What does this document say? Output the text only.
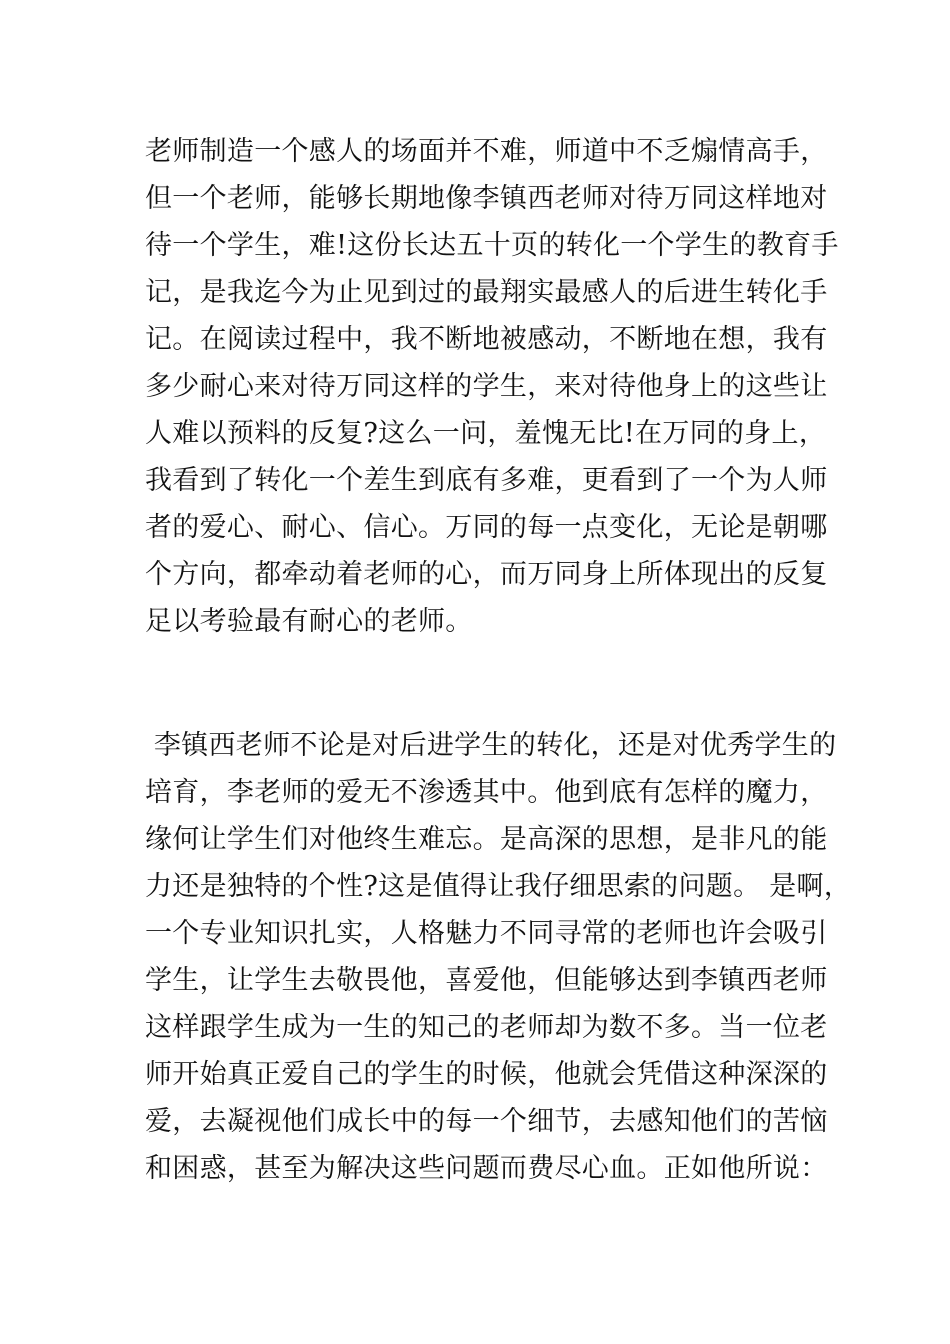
老师制造一个感人的场面并不难，师道中不乏煽情高手，
但一个老师，能够长期地像李镇西老师对待万同这样地对
待一个学生，难!这份长达五十页的转化一个学生的教育手
记，是我迄今为止见到过的最翔实最感人的后进生转化手
记。在阅读过程中，我不断地被感动，不断地在想，我有
多少耐心来对待万同这样的学生，来对待他身上的这些让
人难以预料的反复?这么一问，羞愧无比!在万同的身上，
我看到了转化一个差生到底有多难，更看到了一个为人师
者的爱心、耐心、信心。万同的每一点变化，无论是朝哪
个方向，都牵动着老师的心，而万同身上所体现出的反复
足以考验最有耐心的老师。

李镇西老师不论是对后进学生的转化，还是对优秀学生的
培育，李老师的爱无不渗透其中。他到底有怎样的魔力，
缘何让学生们对他终生难忘。是高深的思想，是非凡的能
力还是独特的个性?这是值得让我仔细思索的问题。 是啊，
一个专业知识扎实，人格魅力不同寻常的老师也许会吸引
学生，让学生去敬畏他，喜爱他，但能够达到李镇西老师
这样跟学生成为一生的知己的老师却为数不多。当一位老
师开始真正爱自己的学生的时候，他就会凭借这种深深的
爱，去凝视他们成长中的每一个细节，去感知他们的苦恼
和困惑，甚至为解决这些问题而费尽心血。正如他所说：
